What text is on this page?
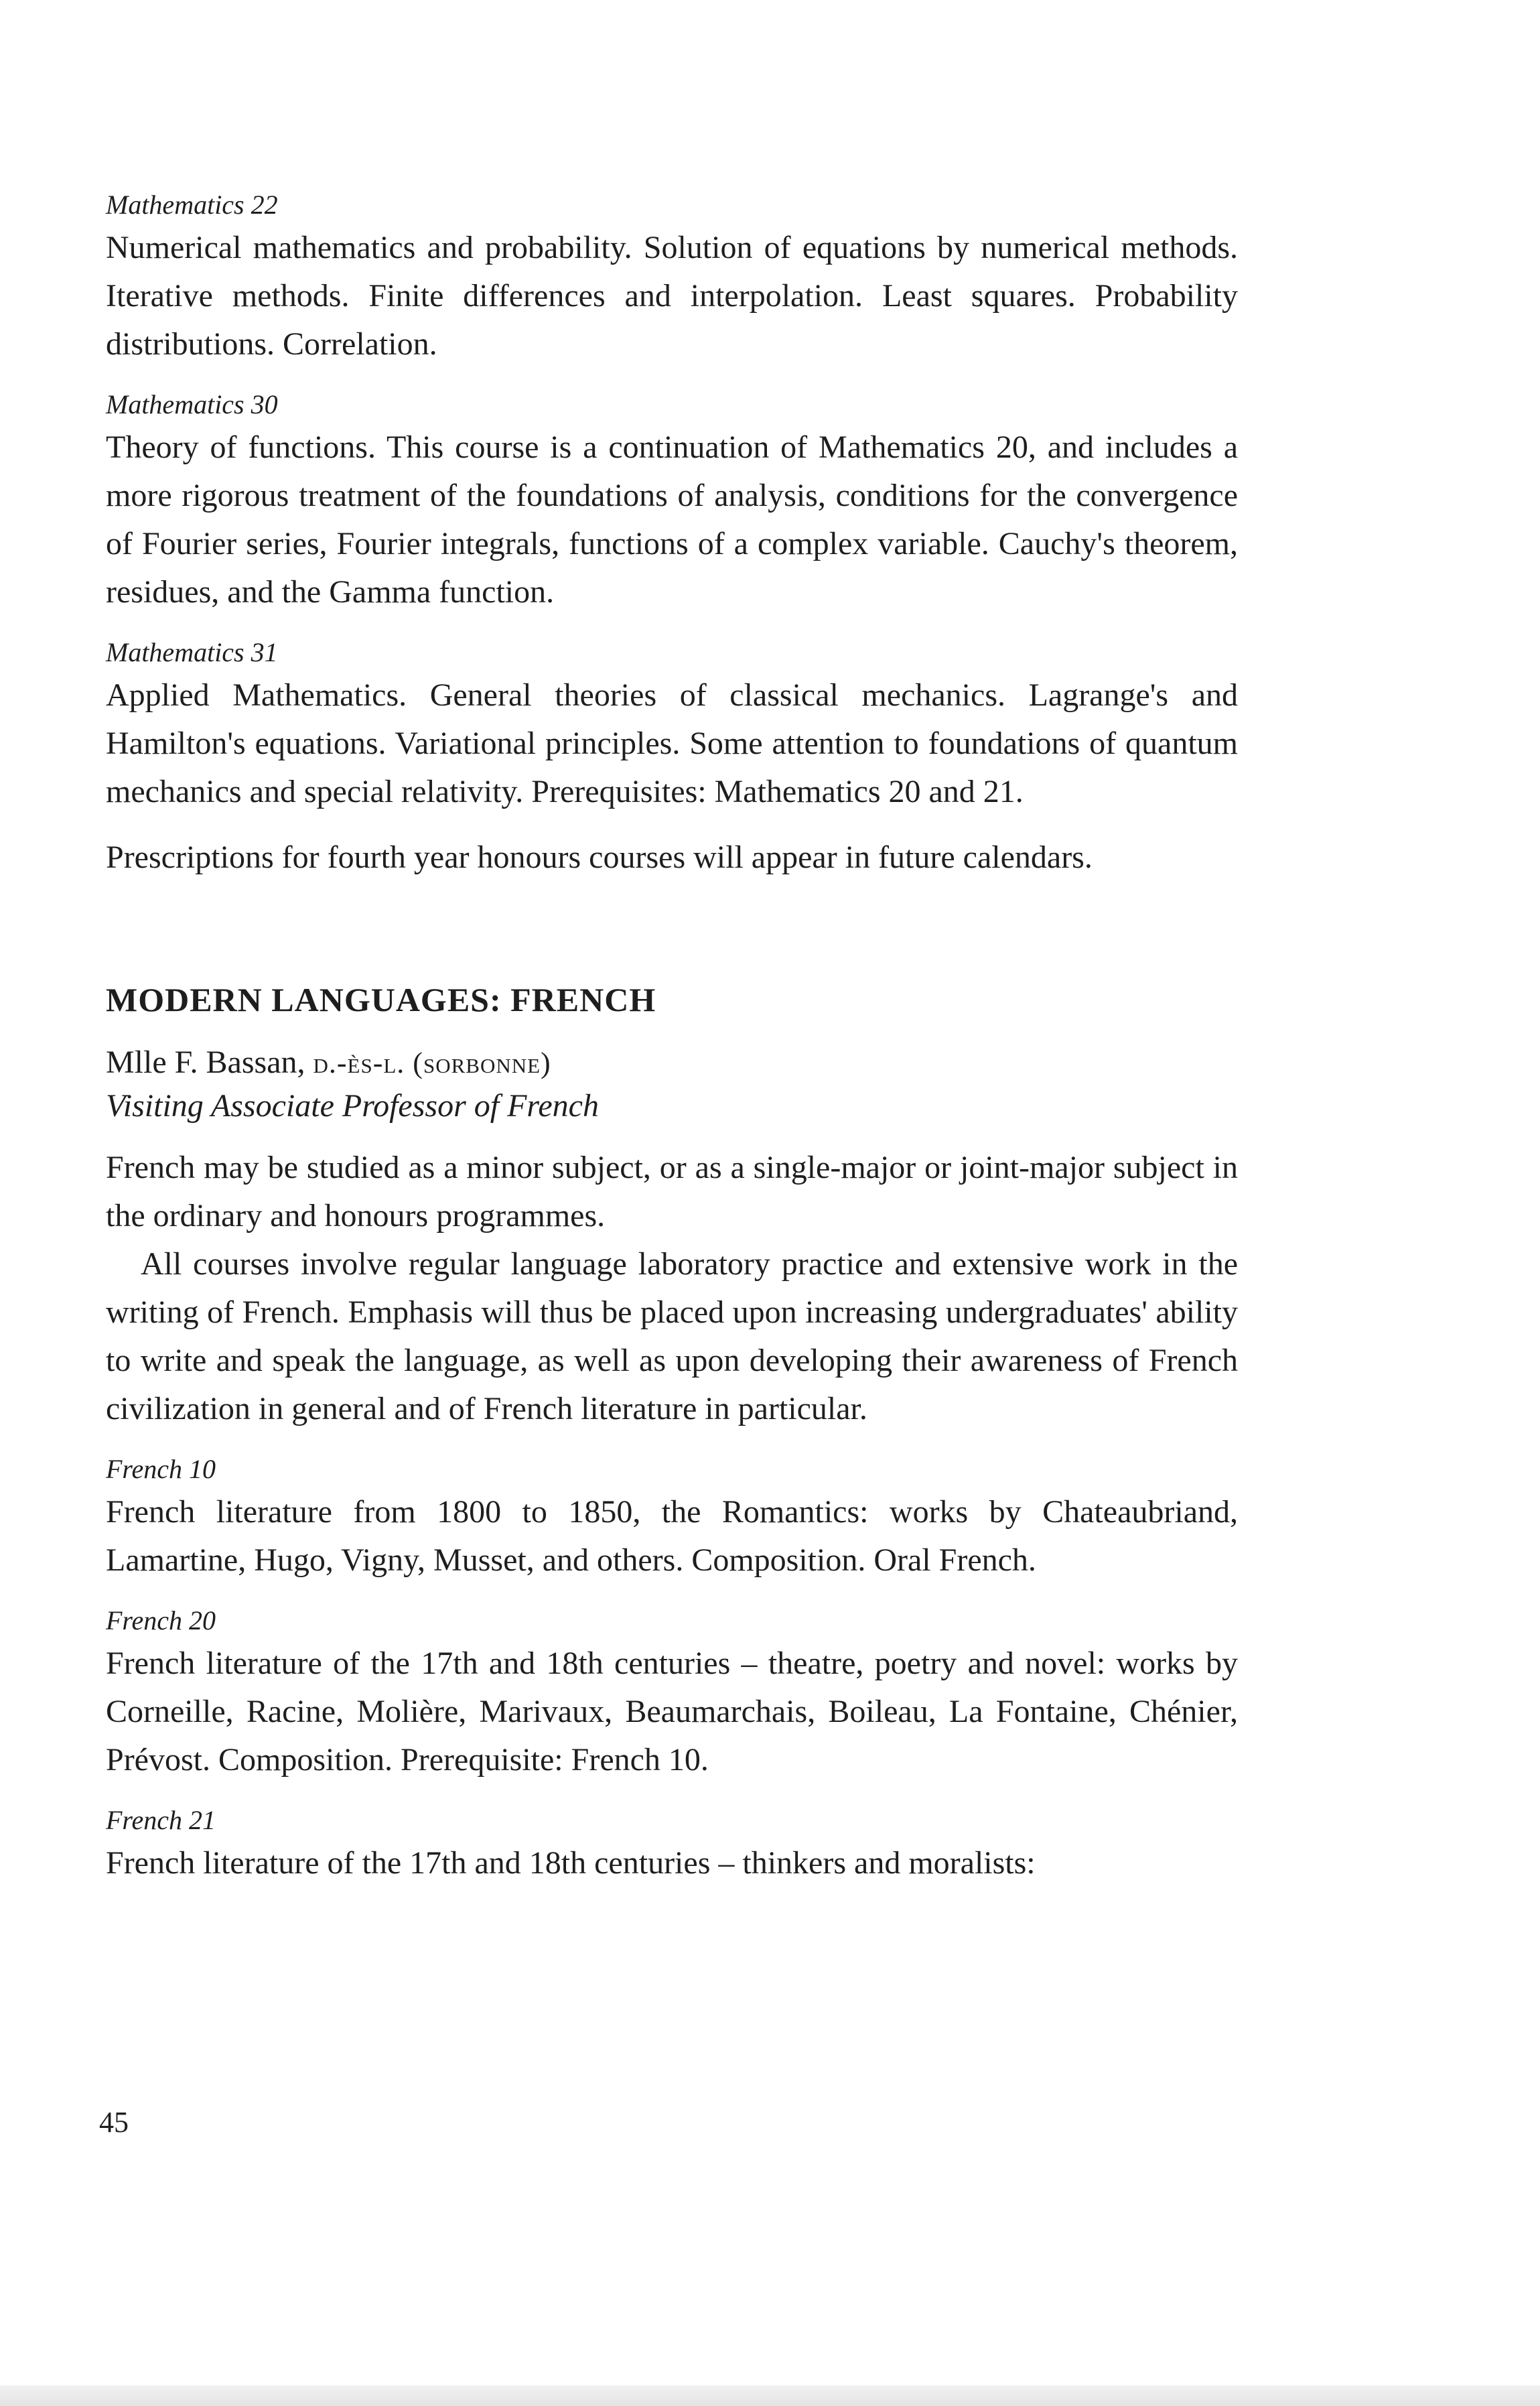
Mathematics 22

Numerical mathematics and probability. Solution of equations by numerical methods. Iterative methods. Finite differences and interpolation. Least squares. Probability distributions. Correlation.

Mathematics 30

Theory of functions. This course is a continuation of Mathematics 20, and includes a more rigorous treatment of the foundations of analysis, conditions for the convergence of Fourier series, Fourier integrals, functions of a complex variable. Cauchy's theorem, residues, and the Gamma function.

Mathematics 31

Applied Mathematics. General theories of classical mechanics. Lagrange's and Hamilton's equations. Variational principles. Some attention to foundations of quantum mechanics and special relativity. Prerequisites: Mathematics 20 and 21.

Prescriptions for fourth year honours courses will appear in future calendars.

MODERN LANGUAGES: FRENCH

Mlle F. Bassan, d.-ès-l. (sorbonne)

Visiting Associate Professor of French

French may be studied as a minor subject, or as a single-major or joint-major subject in the ordinary and honours programmes.

All courses involve regular language laboratory practice and extensive work in the writing of French. Emphasis will thus be placed upon increasing undergraduates' ability to write and speak the language, as well as upon developing their awareness of French civilization in general and of French literature in particular.

French 10

French literature from 1800 to 1850, the Romantics: works by Chateaubriand, Lamartine, Hugo, Vigny, Musset, and others. Composition. Oral French.

French 20

French literature of the 17th and 18th centuries – theatre, poetry and novel: works by Corneille, Racine, Molière, Marivaux, Beaumarchais, Boileau, La Fontaine, Chénier, Prévost. Composition. Prerequisite: French 10.

French 21

French literature of the 17th and 18th centuries – thinkers and moralists:

45
